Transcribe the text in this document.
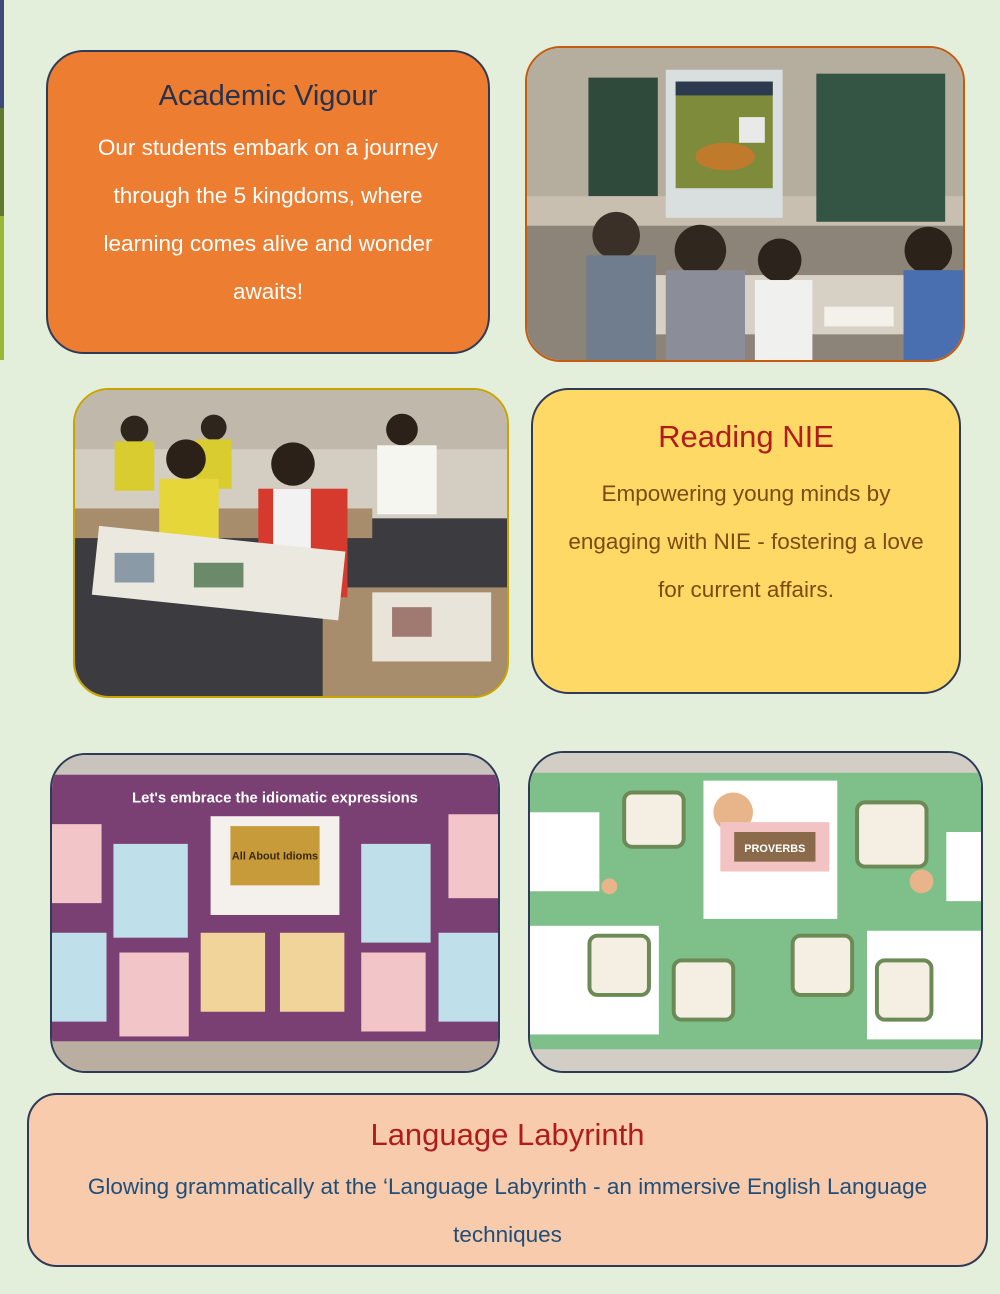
Academic Vigour

Our students embark on a journey through the 5 kingdoms, where learning comes alive and wonder awaits!

Reading NIE

Empowering young minds by engaging with NIE - fostering a love for current affairs.

Let's embrace the idiomatic expressions
All About Idioms
PROVERBS
Language Labyrinth

Glowing grammatically at the ‘Language Labyrinth - an immersive English Language techniques
